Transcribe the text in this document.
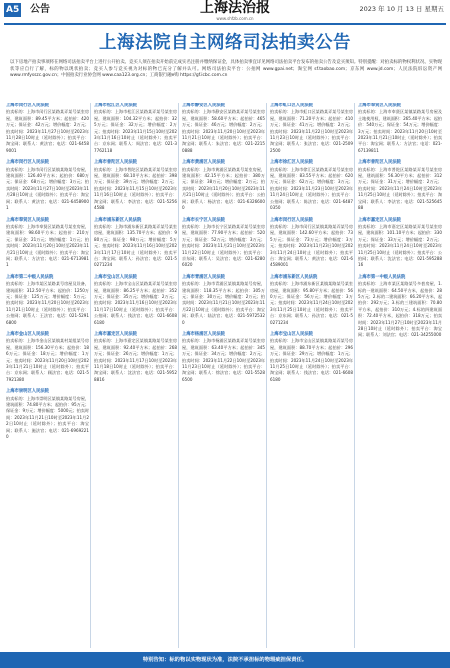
A5 公告	上海法治报
www.shfzb.com.cn
2023 年 10 月 13 日 星期五
上海法院自主网络司法拍卖公告
以下房地产拍卖事项将在网络司法拍卖平台上进行公开拍卖。竞买人须在拍卖开始前完成实名注册并缴纳保证金，具体拍卖事宜详见网络司法拍卖平台发布的拍卖公告及竞买须知。特别提醒：对拍卖标的物权利状况、实物现状等应自行了解，标的物以现状拍卖；竞买人参与竞买视为对标的物已充分了解并认可。网络司法拍卖平台：公拍网 www.gpai.net；淘宝网 sf.taobao.com；京东网 www.jd.com；人民法院诉讼资产网 www.rmfysszc.gov.cn；中国拍卖行业协会网 www.caa123.org.cn；工商银行融e购 https://gf.icbc.com.cn
上海市闵行区人民法院
拍卖标的：上海市闵行区某路某弄某号某室房屋，建筑面积：89.45平方米；起拍价：420万元；保证金：42万元；增价幅度：2万元；拍卖时间：2023年11月27日10时至2023年11月28日10时止（延时除外）；拍卖平台：淘宝网；联系人：黄法官；电话：021-64589001
上海市闵行区人民法院
拍卖标的：上海市闵行区某镇某路某号房屋，建筑面积：126.40平方米；起拍价：680万元；保证金：68万元；增价幅度：3万元；拍卖时间：2023年11月27日10时至2023年11月28日10时止（延时除外）；拍卖平台：淘宝网；联系人：黄法官；电话：021-64589001
上海市奉贤区人民法院
拍卖标的：上海市奉贤区某路某号某室房屋，建筑面积：98.60平方米；起拍价：210万元；保证金：21万元；增价幅度：1万元；拍卖时间：2023年11月20日10时至2023年11月21日10时止（延时除外）；拍卖平台：淘宝网；联系人：方法官；电话：021-67139811
上海市第二中级人民法院
拍卖标的：上海市某区某路某号房屋及设备，建筑面积：312.50平方米；起拍价：1250万元；保证金：125万元；增价幅度：5万元；拍卖时间：2023年11月20日10时至2023年11月21日10时止（延时除外）；拍卖平台：公拍网；联系人：王法官；电话：021-52916800
上海市金山区人民法院
拍卖标的：上海市金山区某镇某村某组某号房屋，建筑面积：156.30平方米；起拍价：186万元；保证金：18万元；增价幅度：1万元；拍卖时间：2023年11月20日10时至2023年11月21日10时止（延时除外）；拍卖平台：京东网；联系人：顾法官；电话：021-57921380
上海市崇明区人民法院
拍卖标的：上海市崇明区某镇某路某号房屋，建筑面积：74.80平方米；起拍价：95万元；保证金：9万元；增价幅度：5000元；拍卖时间：2023年11月21日10时至2023年11月22日10时止（延时除外）；拍卖平台：淘宝网；联系人：施法官；电话：021-69692210
上海市松江区人民法院
拍卖标的：上海市松江区某路某弄某号某室房屋，建筑面积：104.32平方米；起拍价：325万元；保证金：32万元；增价幅度：2万元；拍卖时间：2023年11月15日10时至2023年11月16日10时止（延时除外）；拍卖平台：京东网；联系人：周法官；电话：021-37762118
上海市普陀区人民法院
拍卖标的：上海市普陀区某路某弄某号某室房屋，建筑面积：68.10平方米；起拍价：398万元；保证金：39万元；增价幅度：2万元；拍卖时间：2023年11月15日10时至2023年11月16日10时止（延时除外）；拍卖平台：淘宝网；联系人：李法官；电话：021-52564588
上海市浦东新区人民法院
拍卖标的：上海市浦东新区某路某弄某号某室房屋，建筑面积：135.70平方米；起拍价：980万元；保证金：98万元；增价幅度：5万元；拍卖时间：2023年11月16日10时至2023年11月17日10时止（延时除外）；拍卖平台：淘宝网；联系人：孙法官；电话：021-50271234
上海市宝山区人民法院
拍卖标的：上海市宝山区某路某弄某号某室房屋，建筑面积：86.25平方米；起拍价：352万元；保证金：35万元；增价幅度：2万元；拍卖时间：2023年11月16日10时至2023年11月17日10时止（延时除外）；拍卖平台：公拍网；联系人：钱法官；电话：021-66086180
上海市嘉定区人民法院
拍卖标的：上海市嘉定区某镇某路某号某室房屋，建筑面积：92.40平方米；起拍价：268万元；保证金：26万元；增价幅度：1万元；拍卖时间：2023年11月17日10时至2023年11月18日10时止（延时除外）；拍卖平台：淘宝网；联系人：沈法官；电话：021-59528816
上海市静安区人民法院
拍卖标的：上海市静安区某路某弄某号某室房屋，建筑面积：58.60平方米；起拍价：465万元；保证金：46万元；增价幅度：2万元；拍卖时间：2023年11月20日10时至2023年11月21日10时止（延时除外）；拍卖平台：淘宝网；联系人：朱法官；电话：021-22150888
上海市黄浦区人民法院
拍卖标的：上海市黄浦区某路某号某室房屋，建筑面积：42.15平方米；起拍价：380万元；保证金：38万元；增价幅度：2万元；拍卖时间：2023年11月20日10时至2023年11月21日10时止（延时除外）；拍卖平台：公拍网；联系人：杨法官；电话：021-63266000
上海市长宁区人民法院
拍卖标的：上海市长宁区某路某弄某号某室房屋，建筑面积：77.90平方米；起拍价：520万元；保证金：52万元；增价幅度：3万元；拍卖时间：2023年11月21日10时至2023年11月22日10时止（延时除外）；拍卖平台：京东网；联系人：吴法官；电话：021-62806020
上海市青浦区人民法院
拍卖标的：上海市青浦区某镇某路某号房屋，建筑面积：118.35平方米；起拍价：305万元；保证金：30万元；增价幅度：2万元；拍卖时间：2023年11月21日10时至2023年11月22日10时止（延时除外）；拍卖平台：淘宝网；联系人：陆法官；电话：021-59725320
上海市杨浦区人民法院
拍卖标的：上海市杨浦区某路某弄某号某室房屋，建筑面积：63.40平方米；起拍价：345万元；保证金：34万元；增价幅度：2万元；拍卖时间：2023年11月22日10时至2023年11月23日10时止（延时除外）；拍卖平台：淘宝网；联系人：徐法官；电话：021-55286500
上海市虹口区人民法院
拍卖标的：上海市虹口区某路某弄某号某室房屋，建筑面积：71.20平方米；起拍价：410万元；保证金：41万元；增价幅度：2万元；拍卖时间：2023年11月22日10时至2023年11月23日10时止（延时除外）；拍卖平台：淘宝网；联系人：张法官；电话：021-25092500
上海市徐汇区人民法院
拍卖标的：上海市徐汇区某路某弄某号某室房屋，建筑面积：83.55平方米；起拍价：620万元；保证金：62万元；增价幅度：3万元；拍卖时间：2023年11月23日10时至2023年11月24日10时止（延时除外）；拍卖平台：公拍网；联系人：陈法官；电话：021-64870350
上海市闵行区人民法院
拍卖标的：上海市闵行区某镇某路某弄某号房屋，建筑面积：142.60平方米；起拍价：735万元；保证金：73万元；增价幅度：3万元；拍卖时间：2023年11月23日10时至2023年11月24日10时止（延时除外）；拍卖平台：淘宝网；联系人：黄法官；电话：021-64589001
上海市浦东新区人民法院
拍卖标的：上海市浦东新区某镇某路某号某室房屋，建筑面积：95.80平方米；起拍价：560万元；保证金：56万元；增价幅度：3万元；拍卖时间：2023年11月24日10时至2023年11月25日10时止（延时除外）；拍卖平台：京东网；联系人：孙法官；电话：021-50271234
上海市宝山区人民法院
拍卖标的：上海市宝山区某镇某路某弄某号房屋，建筑面积：88.70平方米；起拍价：296万元；保证金：29万元；增价幅度：1万元；拍卖时间：2023年11月24日10时至2023年11月25日10时止（延时除外）；拍卖平台：淘宝网；联系人：钱法官；电话：021-66086180
上海市奉贤区人民法院
拍卖标的：上海市奉贤区某镇某路某号房屋及土地使用权，建筑面积：265.40平方米；起拍价：540万元；保证金：54万元；增价幅度：3万元；拍卖时间：2023年11月20日10时至2023年11月21日10时止（延时除外）；拍卖平台：淘宝网；联系人：方法官；电话：021-67139811
上海市普陀区人民法院
拍卖标的：上海市普陀区某路某弄某号某室房屋，建筑面积：56.30平方米；起拍价：312万元；保证金：31万元；增价幅度：2万元；拍卖时间：2023年11月24日10时至2023年11月25日10时止（延时除外）；拍卖平台：淘宝网；联系人：李法官；电话：021-52564588
上海市嘉定区人民法院
拍卖标的：上海市嘉定区某路某弄某号某室房屋，建筑面积：101.10平方米；起拍价：330万元；保证金：33万元；增价幅度：2万元；拍卖时间：2023年11月24日10时至2023年11月25日10时止（延时除外）；拍卖平台：公拍网；联系人：沈法官；电话：021-59528816
上海市第一中级人民法院
拍卖标的：上海市某区某路某号多套房屋，1.标的一建筑面积：64.50平方米，起拍价：285万元；2.标的二建筑面积：66.20平方米，起拍价：292万元；3.标的三建筑面积：70.80平方米，起拍价：310万元；4.标的四建筑面积：72.40平方米，起拍价：318万元；拍卖时间：2023年11月27日10时至2023年11月28日10时止（延时除外）；拍卖平台：淘宝网；联系人：刘法官；电话：021-34255000
特别告知：标的物以实物现状为准，法院不承担标的物瑕疵担保责任。
